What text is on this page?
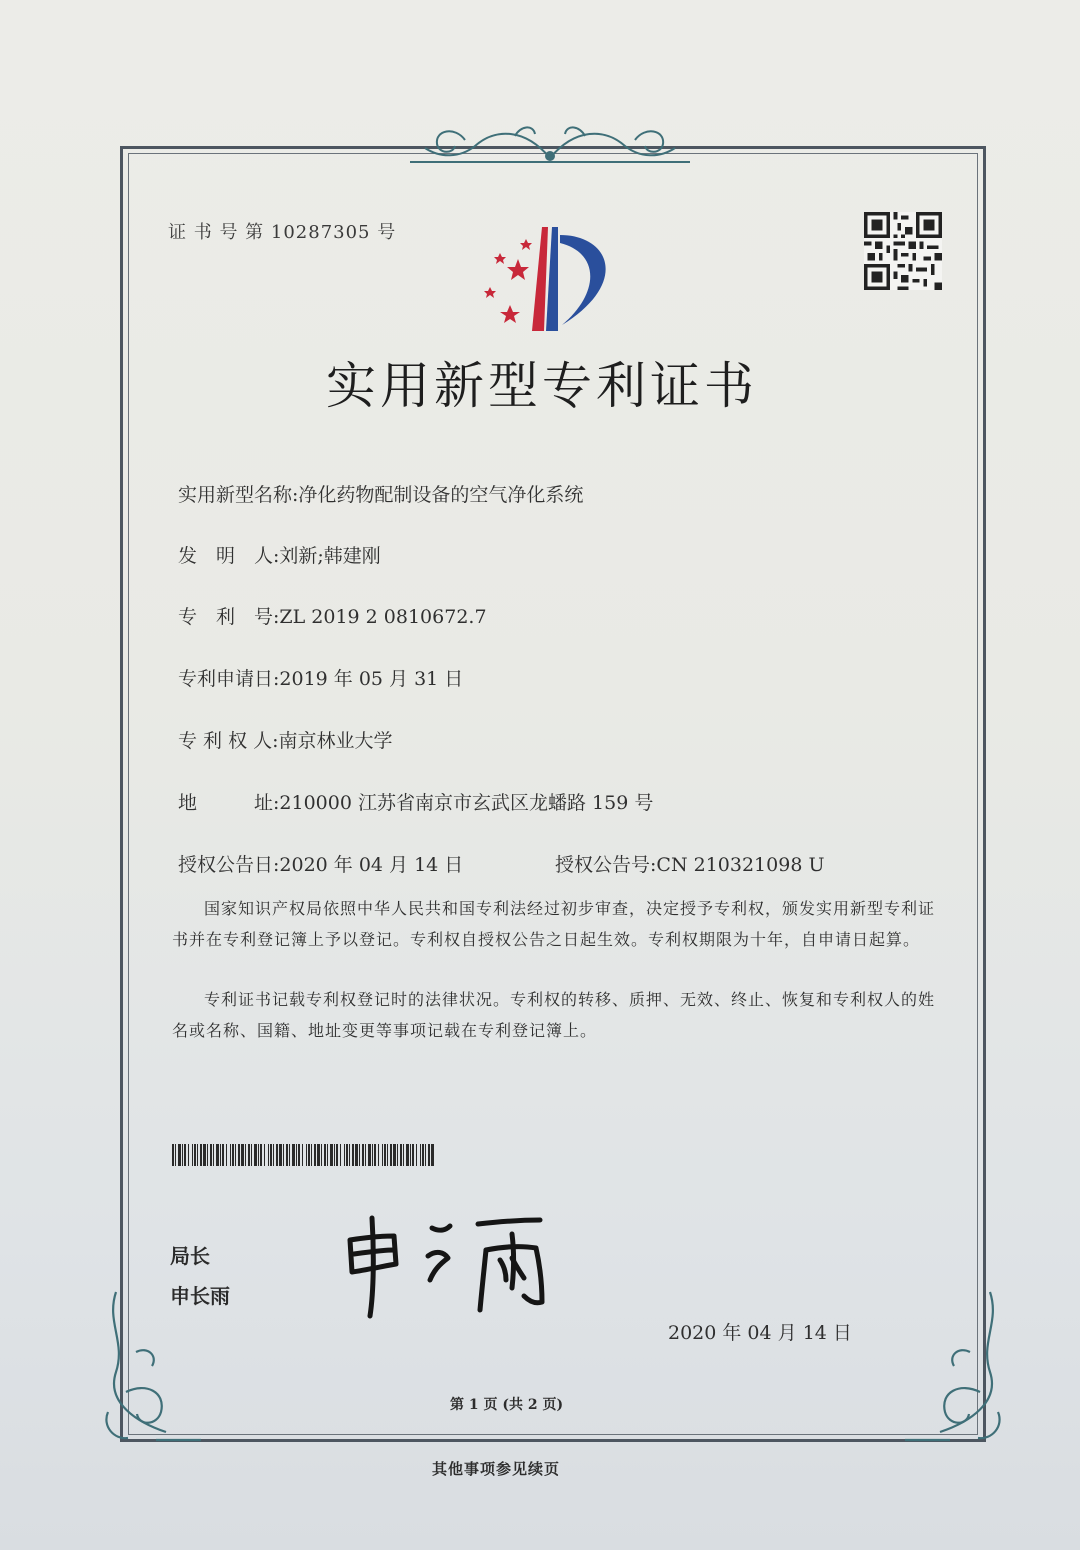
证 书 号 第 10287305 号
实用新型专利证书
实用新型名称:净化药物配制设备的空气净化系统
发　明　人:刘新;韩建刚
专　利　号:ZL 2019 2 0810672.7
专利申请日:2019 年 05 月 31 日
专 利 权 人:南京林业大学
地　　　址:210000 江苏省南京市玄武区龙蟠路 159 号
授权公告日:2020 年 04 月 14 日	授权公告号:CN 210321098 U
国家知识产权局依照中华人民共和国专利法经过初步审查，决定授予专利权，颁发实用新型专利证书并在专利登记簿上予以登记。专利权自授权公告之日起生效。专利权期限为十年，自申请日起算。
专利证书记载专利权登记时的法律状况。专利权的转移、质押、无效、终止、恢复和专利权人的姓名或名称、国籍、地址变更等事项记载在专利登记簿上。
局长
申长雨
2020 年 04 月 14 日
第 1 页 (共 2 页)
其他事项参见续页
